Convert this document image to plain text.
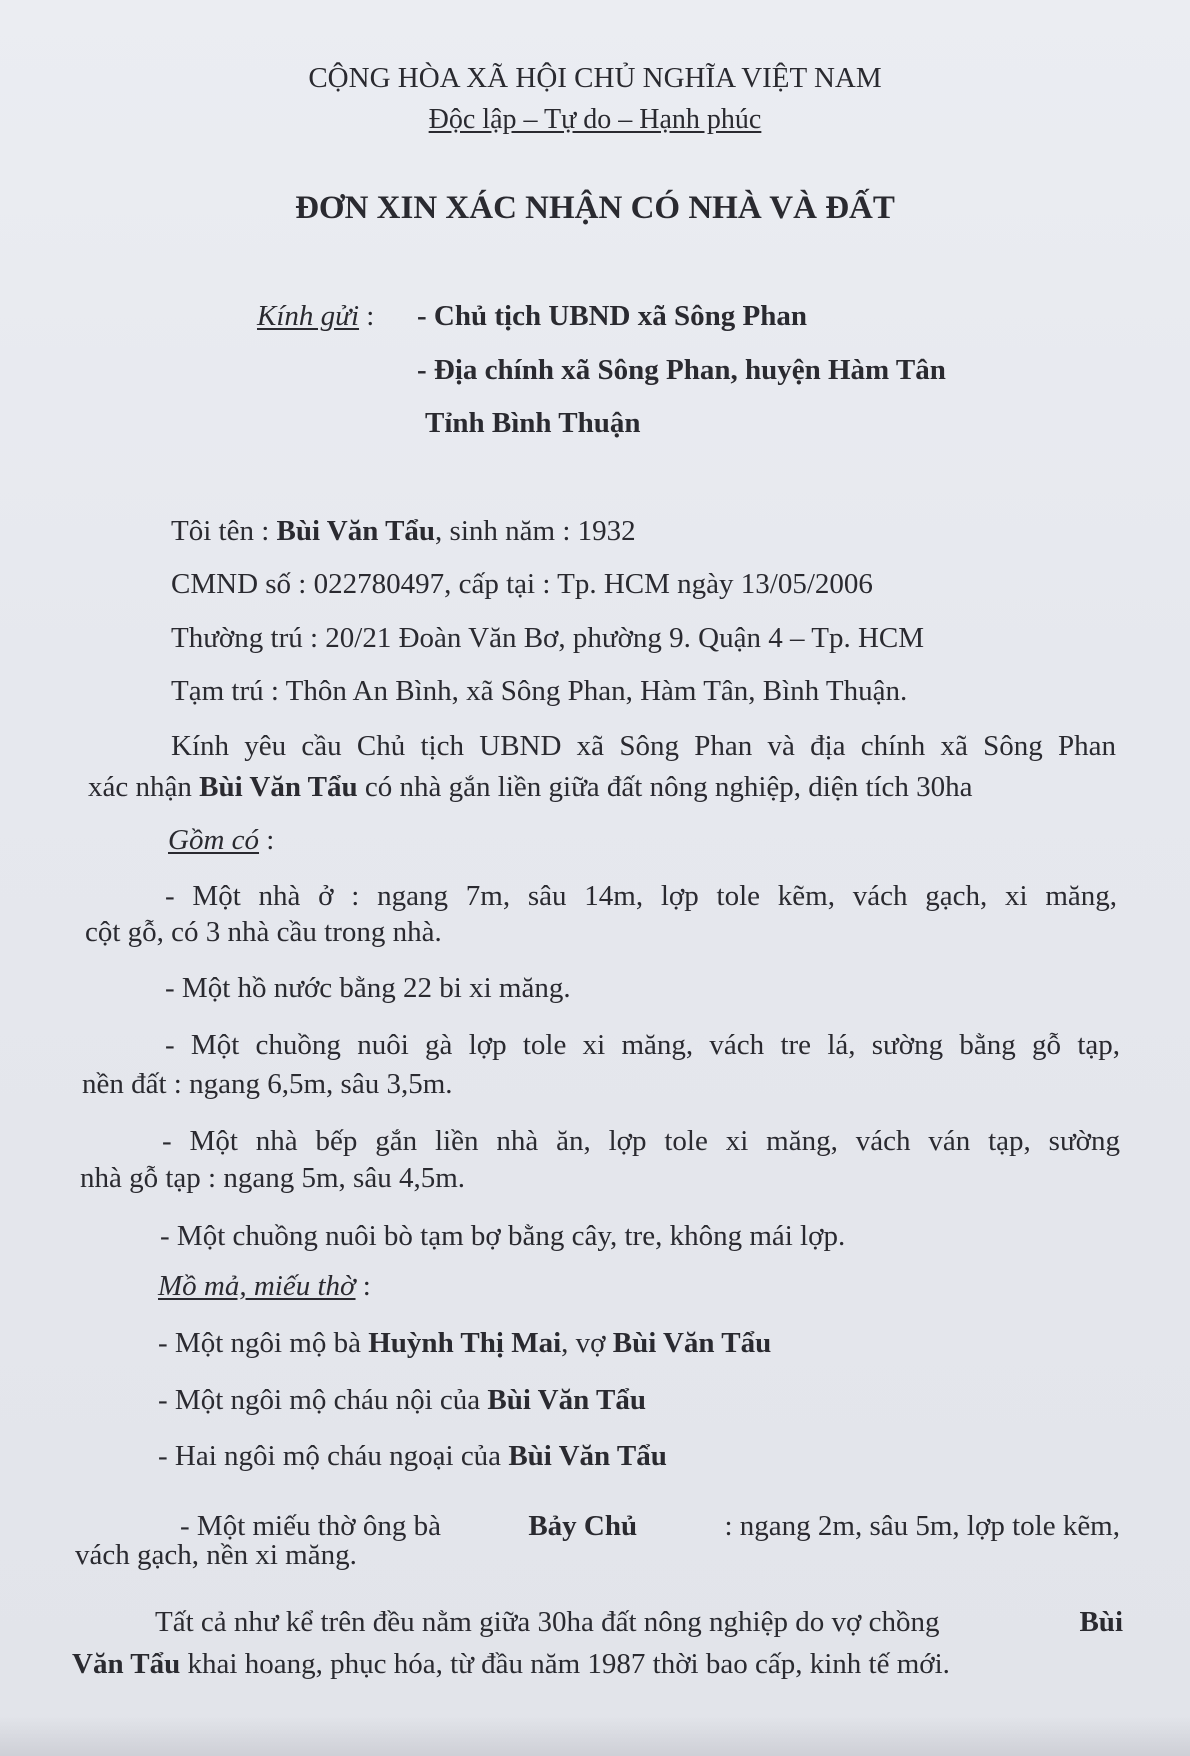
CỘNG HÒA XÃ HỘI CHỦ NGHĨA VIỆT NAM
Độc lập – Tự do – Hạnh phúc
ĐƠN XIN XÁC NHẬN CÓ NHÀ VÀ ĐẤT
Kính gửi : - Chủ tịch UBND xã Sông Phan
- Địa chính xã Sông Phan, huyện Hàm Tân
Tỉnh Bình Thuận
Tôi tên : Bùi Văn Tẩu, sinh năm : 1932
CMND số : 022780497, cấp tại : Tp. HCM ngày 13/05/2006
Thường trú : 20/21 Đoàn Văn Bơ, phường 9. Quận 4 – Tp. HCM
Tạm trú : Thôn An Bình, xã Sông Phan, Hàm Tân, Bình Thuận.
Kính yêu cầu Chủ tịch UBND xã Sông Phan và địa chính xã Sông Phan
xác nhận Bùi Văn Tẩu có nhà gắn liền giữa đất nông nghiệp, diện tích 30ha
Gồm có :
- Một nhà ở : ngang 7m, sâu 14m, lợp tole kẽm, vách gạch, xi măng,
cột gỗ, có 3 nhà cầu trong nhà.
- Một hồ nước bằng 22 bi xi măng.
- Một chuồng nuôi gà lợp tole xi măng, vách tre lá, sường bằng gỗ tạp,
nền đất : ngang 6,5m, sâu 3,5m.
- Một nhà bếp gắn liền nhà ăn, lợp tole xi măng, vách ván tạp, sường
nhà gỗ tạp : ngang 5m, sâu 4,5m.
- Một chuồng nuôi bò tạm bợ bằng cây, tre, không mái lợp.
Mồ mả, miếu thờ :
- Một ngôi mộ bà Huỳnh Thị Mai, vợ Bùi Văn Tẩu
- Một ngôi mộ cháu nội của Bùi Văn Tẩu
- Hai ngôi mộ cháu ngoại của Bùi Văn Tẩu
- Một miếu thờ ông bà	Bảy Chủ	: ngang 2m, sâu 5m, lợp tole kẽm,
vách gạch, nền xi măng.
Tất cả như kể trên đều nằm giữa 30ha đất nông nghiệp do vợ chồng	Bùi
Văn Tẩu khai hoang, phục hóa, từ đầu năm 1987 thời bao cấp, kinh tế mới.
